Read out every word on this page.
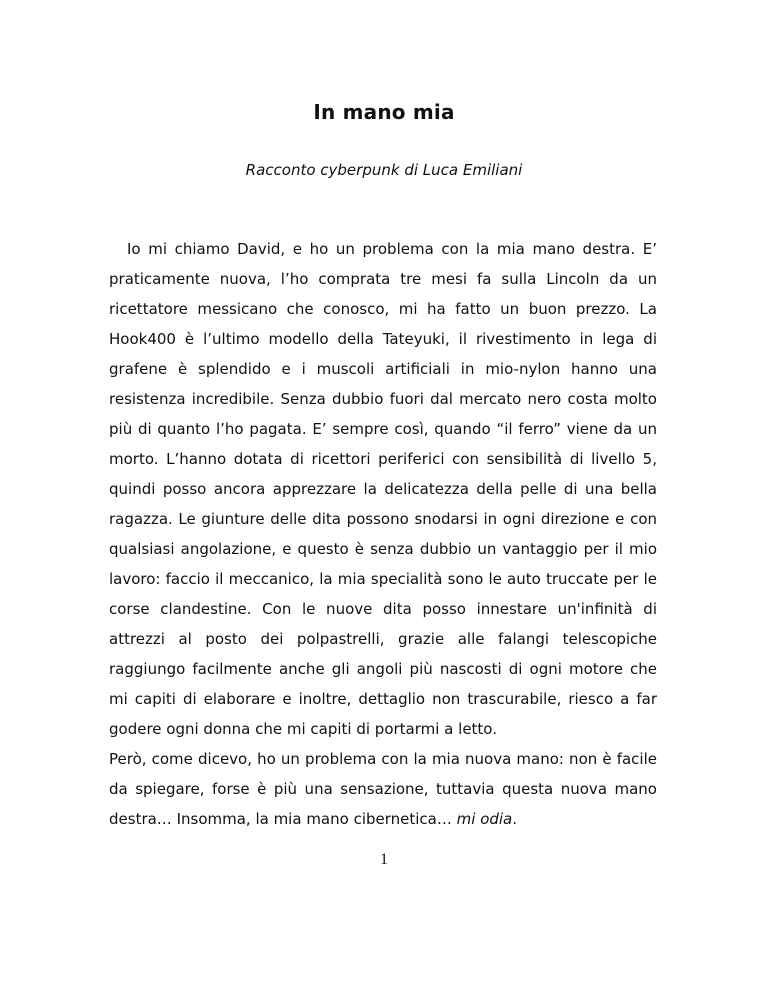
In mano mia
Racconto cyberpunk di Luca Emiliani

Io mi chiamo David, e ho un problema con la mia mano destra. E’ praticamente nuova, l’ho comprata tre mesi fa sulla Lincoln da un ricettatore messicano che conosco, mi ha fatto un buon prezzo. La Hook400 è l’ultimo modello della Tateyuki, il rivestimento in lega di grafene è splendido e i muscoli artificiali in mio-nylon hanno una resistenza incredibile. Senza dubbio fuori dal mercato nero costa molto più di quanto l’ho pagata. E’ sempre così, quando “il ferro” viene da un morto. L’hanno dotata di ricettori periferici con sensibilità di livello 5, quindi posso ancora apprezzare la delicatezza della pelle di una bella ragazza. Le giunture delle dita possono snodarsi in ogni direzione e con qualsiasi angolazione, e questo è senza dubbio un vantaggio per il mio lavoro: faccio il meccanico, la mia specialità sono le auto truccate per le corse clandestine. Con le nuove dita posso innestare un'infinità di attrezzi al posto dei polpastrelli, grazie alle falangi telescopiche raggiungo facilmente anche gli angoli più nascosti di ogni motore che mi capiti di elaborare e inoltre, dettaglio non trascurabile, riesco a far godere ogni donna che mi capiti di portarmi a letto.

Però, come dicevo, ho un problema con la mia nuova mano: non è facile da spiegare, forse è più una sensazione, tuttavia questa nuova mano destra… Insomma, la mia mano cibernetica… mi odia.

1
